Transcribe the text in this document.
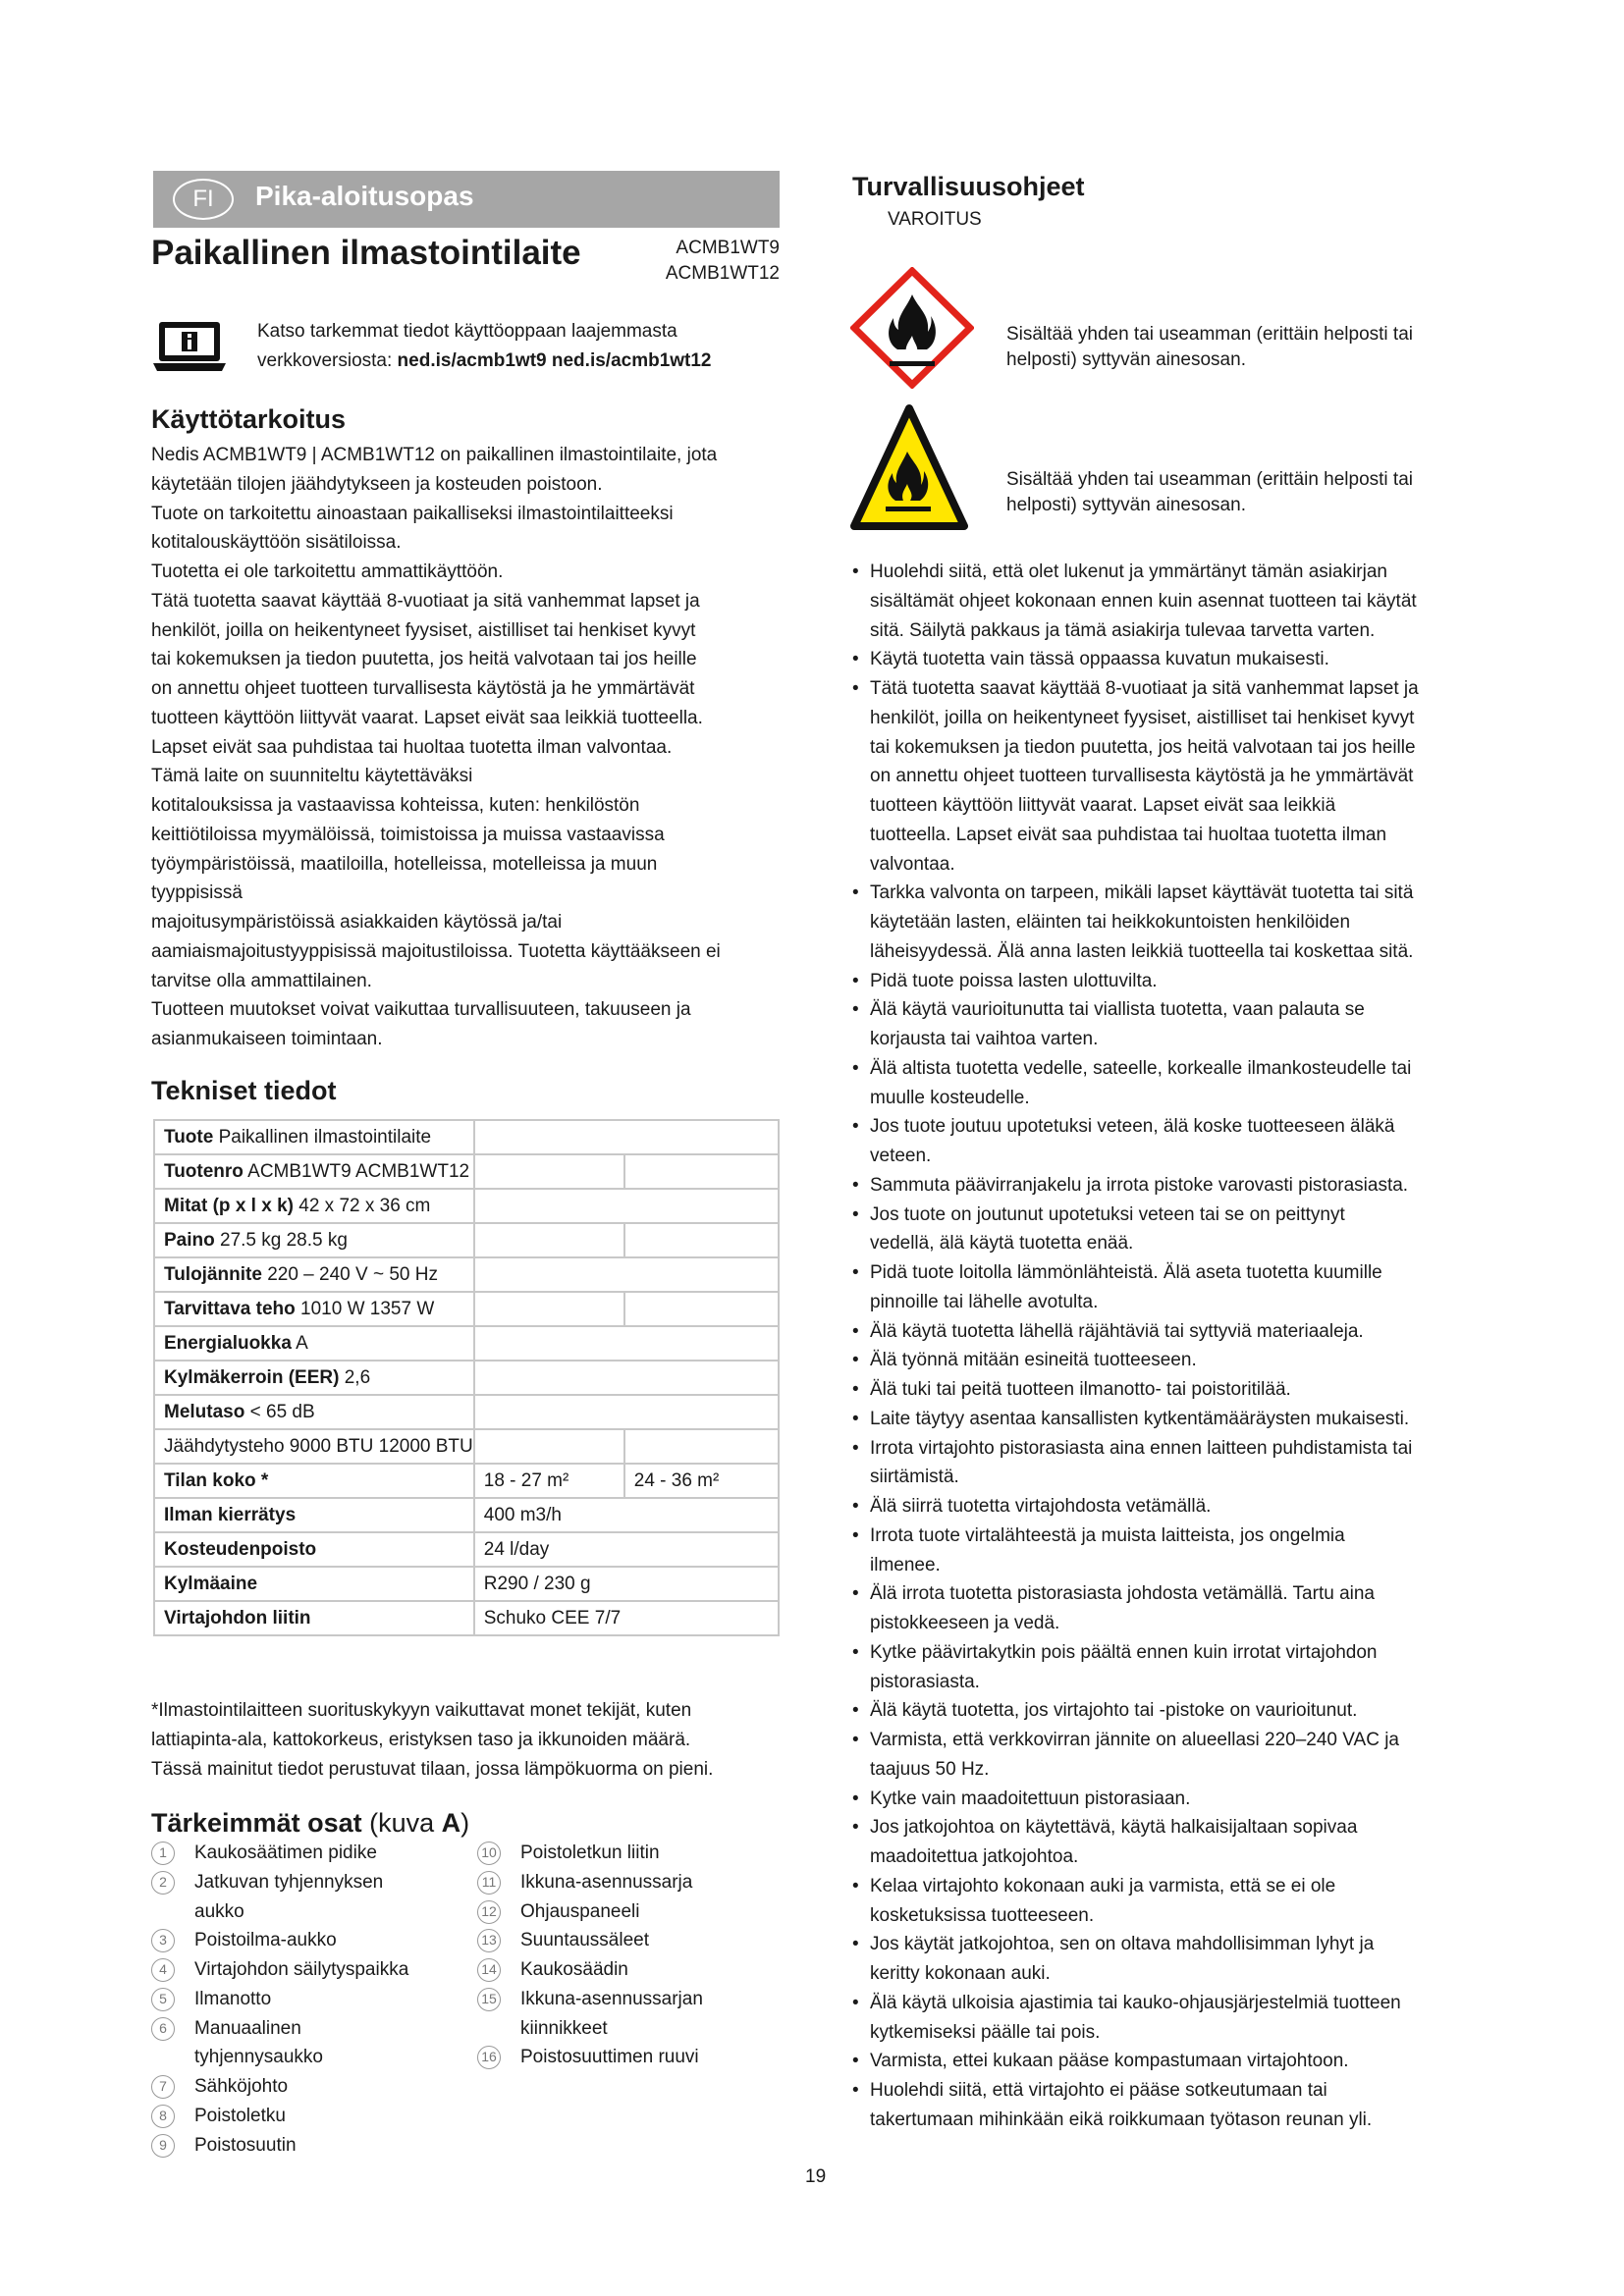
FI	Pika-aloitusopas
Paikallinen ilmastointilaite	ACMB1WT9
ACMB1WT12
Katso tarkemmat tiedot käyttöoppaan laajemmasta
verkkoversiosta: ned.is/acmb1wt9 ned.is/acmb1wt12
Käyttötarkoitus
Nedis ACMB1WT9 | ACMB1WT12 on paikallinen ilmastointilaite, jota
käytetään tilojen jäähdytykseen ja kosteuden poistoon.
Tuote on tarkoitettu ainoastaan paikalliseksi ilmastointilaitteeksi
kotitalouskäyttöön sisätiloissa.
Tuotetta ei ole tarkoitettu ammattikäyttöön.
Tätä tuotetta saavat käyttää 8-vuotiaat ja sitä vanhemmat lapset ja
henkilöt, joilla on heikentyneet fyysiset, aistilliset tai henkiset kyvyt
tai kokemuksen ja tiedon puutetta, jos heitä valvotaan tai jos heille
on annettu ohjeet tuotteen turvallisesta käytöstä ja he ymmärtävät
tuotteen käyttöön liittyvät vaarat. Lapset eivät saa leikkiä tuotteella.
Lapset eivät saa puhdistaa tai huoltaa tuotetta ilman valvontaa.
Tämä laite on suunniteltu käytettäväksi
kotitalouksissa ja vastaavissa kohteissa, kuten: henkilöstön
keittiötiloissa myymälöissä, toimistoissa ja muissa vastaavissa
työympäristöissä, maatiloilla, hotelleissa, motelleissa ja muun
tyyppisissä
majoitusympäristöissä asiakkaiden käytössä ja/tai
aamiaismajoitustyyppisissä majoitustiloissa. Tuotetta käyttääkseen ei
tarvitse olla ammattilainen.
Tuotteen muutokset voivat vaikuttaa turvallisuuteen, takuuseen ja
asianmukaiseen toimintaan.
Tekniset tiedot
Tuote Paikallinen ilmastointilaite		
Tuotenro ACMB1WT9 ACMB1WT12		
Mitat (p x l x k) 42 x 72 x 36 cm		
Paino 27.5 kg 28.5 kg		
Tulojännite 220 – 240 V ~ 50 Hz		
Tarvittava teho 1010 W 1357 W		
Energialuokka A		
Kylmäkerroin (EER) 2,6		
Melutaso < 65 dB		
Jäähdytysteho 9000 BTU 12000 BTU		
Tilan koko *	18 - 27 m²	24 - 36 m²
Ilman kierrätys	400 m3/h	
Kosteudenpoisto	24 l/day	
Kylmäaine	R290 / 230 g	
Virtajohdon liitin	Schuko CEE 7/7	
*Ilmastointilaitteen suorituskykyyn vaikuttavat monet tekijät, kuten
lattiapinta-ala, kattokorkeus, eristyksen taso ja ikkunoiden määrä.
Tässä mainitut tiedot perustuvat tilaan, jossa lämpökuorma on pieni.
Tärkeimmät osat (kuva A)
1	Kaukosäätimen pidike
2	Jatkuvan tyhjennyksen
aukko
3	Poistoilma-aukko
4	Virtajohdon säilytyspaikka
5	Ilmanotto
6	Manuaalinen
tyhjennysaukko
7	Sähköjohto
8	Poistoletku
9	Poistosuutin
10 Poistoletkun liitin
11 Ikkuna-asennussarja
12 Ohjauspaneeli
13 Suuntaussäleet
14 Kaukosäädin
15 Ikkuna-asennussarjan
kiinnikkeet
16 Poistosuuttimen ruuvi
Turvallisuusohjeet
VAROITUS
Sisältää yhden tai useamman (erittäin helposti tai
helposti) syttyvän ainesosan.
Sisältää yhden tai useamman (erittäin helposti tai
helposti) syttyvän ainesosan.
• Huolehdi siitä, että olet lukenut ja ymmärtänyt tämän asiakirjan
sisältämät ohjeet kokonaan ennen kuin asennat tuotteen tai käytät
sitä. Säilytä pakkaus ja tämä asiakirja tulevaa tarvetta varten.
• Käytä tuotetta vain tässä oppaassa kuvatun mukaisesti.
• Tätä tuotetta saavat käyttää 8-vuotiaat ja sitä vanhemmat lapset ja
henkilöt, joilla on heikentyneet fyysiset, aistilliset tai henkiset kyvyt
tai kokemuksen ja tiedon puutetta, jos heitä valvotaan tai jos heille
on annettu ohjeet tuotteen turvallisesta käytöstä ja he ymmärtävät
tuotteen käyttöön liittyvät vaarat. Lapset eivät saa leikkiä
tuotteella. Lapset eivät saa puhdistaa tai huoltaa tuotetta ilman
valvontaa.
• Tarkka valvonta on tarpeen, mikäli lapset käyttävät tuotetta tai sitä
käytetään lasten, eläinten tai heikkokuntoisten henkilöiden
läheisyydessä. Älä anna lasten leikkiä tuotteella tai koskettaa sitä.
• Pidä tuote poissa lasten ulottuvilta.
• Älä käytä vaurioitunutta tai viallista tuotetta, vaan palauta se
korjausta tai vaihtoa varten.
• Älä altista tuotetta vedelle, sateelle, korkealle ilmankosteudelle tai
muulle kosteudelle.
• Jos tuote joutuu upotetuksi veteen, älä koske tuotteeseen äläkä
veteen.
• Sammuta päävirranjakelu ja irrota pistoke varovasti pistorasiasta.
• Jos tuote on joutunut upotetuksi veteen tai se on peittynyt
vedellä, älä käytä tuotetta enää.
• Pidä tuote loitolla lämmönlähteistä. Älä aseta tuotetta kuumille
pinnoille tai lähelle avotulta.
• Älä käytä tuotetta lähellä räjähtäviä tai syttyviä materiaaleja.
• Älä työnnä mitään esineitä tuotteeseen.
• Älä tuki tai peitä tuotteen ilmanotto- tai poistoritilää.
• Laite täytyy asentaa kansallisten kytkentämääräysten mukaisesti.
• Irrota virtajohto pistorasiasta aina ennen laitteen puhdistamista tai
siirtämistä.
• Älä siirrä tuotetta virtajohdosta vetämällä.
• Irrota tuote virtalähteestä ja muista laitteista, jos ongelmia
ilmenee.
• Älä irrota tuotetta pistorasiasta johdosta vetämällä. Tartu aina
pistokkeeseen ja vedä.
• Kytke päävirtakytkin pois päältä ennen kuin irrotat virtajohdon
pistorasiasta.
• Älä käytä tuotetta, jos virtajohto tai -pistoke on vaurioitunut.
• Varmista, että verkkovirran jännite on alueellasi 220–240 VAC ja
taajuus 50 Hz.
• Kytke vain maadoitettuun pistorasiaan.
• Jos jatkojohtoa on käytettävä, käytä halkaisijaltaan sopivaa
maadoitettua jatkojohtoa.
• Kelaa virtajohto kokonaan auki ja varmista, että se ei ole
kosketuksissa tuotteeseen.
• Jos käytät jatkojohtoa, sen on oltava mahdollisimman lyhyt ja
keritty kokonaan auki.
• Älä käytä ulkoisia ajastimia tai kauko-ohjausjärjestelmiä tuotteen
kytkemiseksi päälle tai pois.
• Varmista, ettei kukaan pääse kompastumaan virtajohtoon.
• Huolehdi siitä, että virtajohto ei pääse sotkeutumaan tai
takertumaan mihinkään eikä roikkumaan työtason reunan yli.
19
